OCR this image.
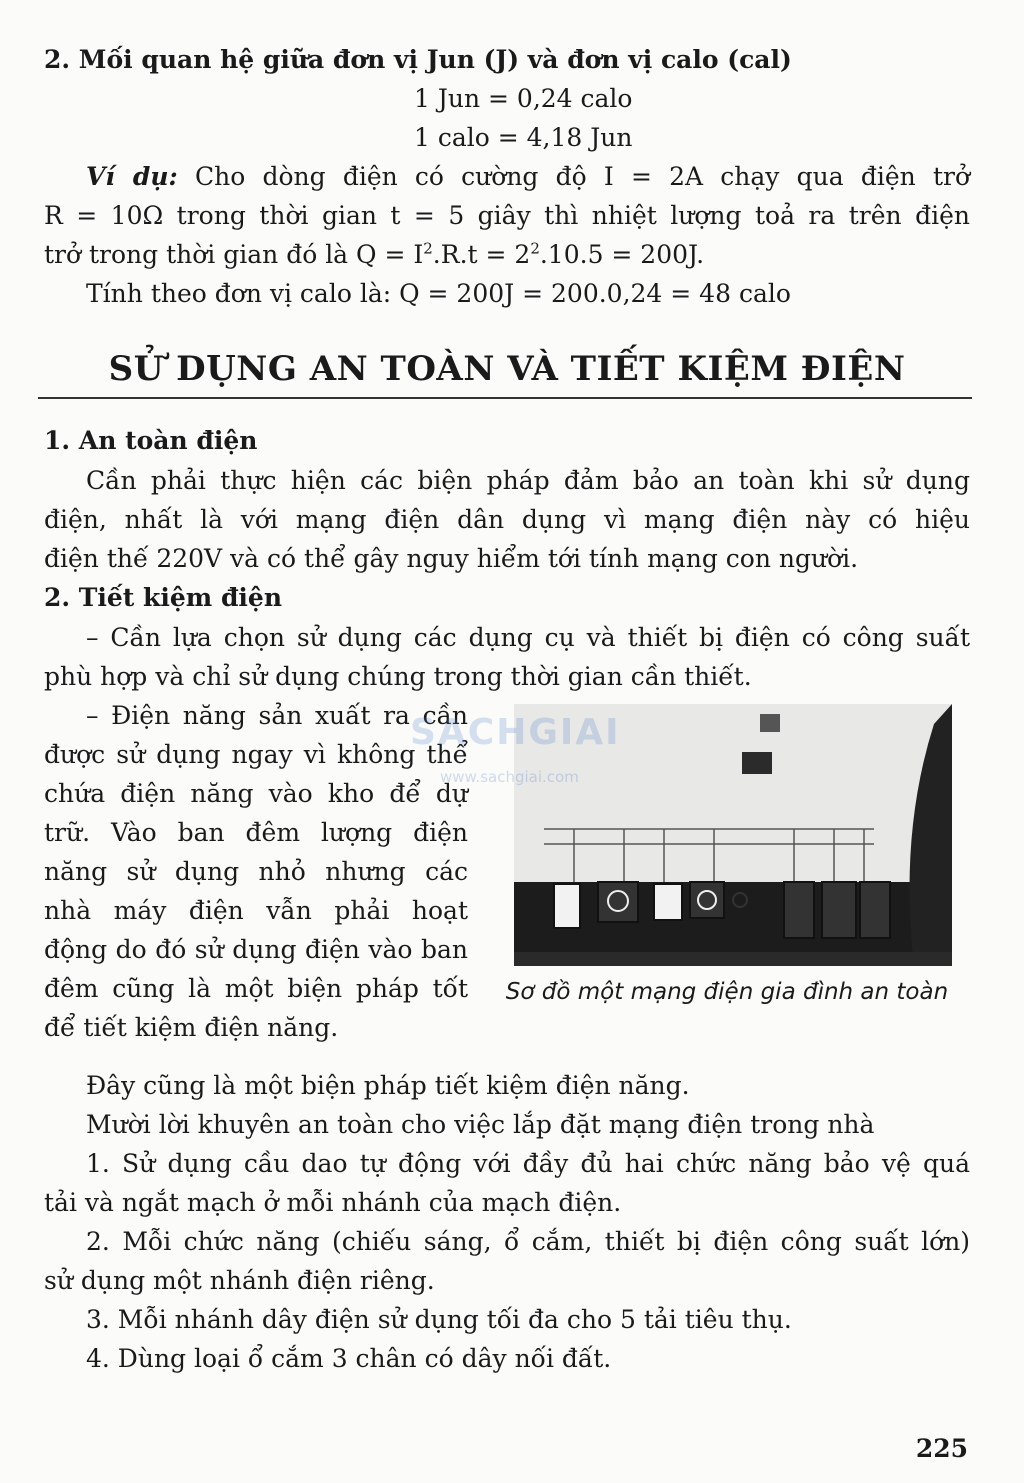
2. Mối quan hệ giữa đơn vị Jun (J) và đơn vị calo (cal)
1 Jun = 0,24 calo
1 calo = 4,18 Jun
Ví dụ: Cho dòng điện có cường độ I = 2A chạy qua điện trở
R = 10Ω trong thời gian t = 5 giây thì nhiệt lượng toả ra trên điện
trở trong thời gian đó là $Q = I^2.R.t = 2^2.10.5 = 200J$.
Tính theo đơn vị calo là: Q = 200J = 200.0,24 = 48 calo
SỬ DỤNG AN TOÀN VÀ TIẾT KIỆM ĐIỆN
1. An toàn điện
Cần phải thực hiện các biện pháp đảm bảo an toàn khi sử dụng
điện, nhất là với mạng điện dân dụng vì mạng điện này có hiệu
điện thế 220V và có thể gây nguy hiểm tới tính mạng con người.
2. Tiết kiệm điện
– Cần lựa chọn sử dụng các dụng cụ và thiết bị điện có công suất
phù hợp và chỉ sử dụng chúng trong thời gian cần thiết.
– Điện năng sản xuất ra cần
được sử dụng ngay vì không thể
chứa điện năng vào kho để dự
trữ. Vào ban đêm lượng điện
năng sử dụng nhỏ nhưng các
nhà máy điện vẫn phải hoạt
động do đó sử dụng điện vào ban
đêm cũng là một biện pháp tốt
để tiết kiệm điện năng.
Sơ đồ một mạng điện gia đình an toàn
Đây cũng là một biện pháp tiết kiệm điện năng.
Mười lời khuyên an toàn cho việc lắp đặt mạng điện trong nhà
1. Sử dụng cầu dao tự động với đầy đủ hai chức năng bảo vệ quá
tải và ngắt mạch ở mỗi nhánh của mạch điện.
2. Mỗi chức năng (chiếu sáng, ổ cắm, thiết bị điện công suất lớn)
sử dụng một nhánh điện riêng.
3. Mỗi nhánh dây điện sử dụng tối đa cho 5 tải tiêu thụ.
4. Dùng loại ổ cắm 3 chân có dây nối đất.
SACHGIAI
www.sachgiai.com
225
